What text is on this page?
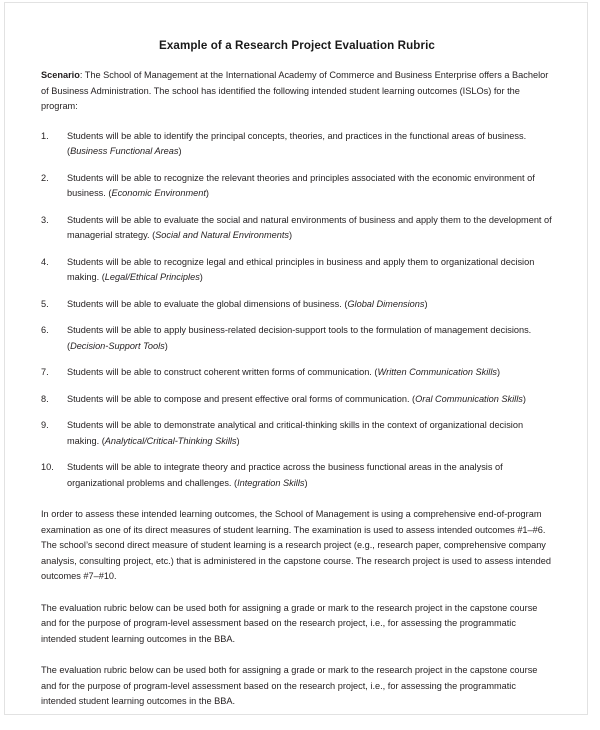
Example of a Research Project Evaluation Rubric

Scenario: The School of Management at the International Academy of Commerce and Business Enterprise offers a Bachelor of Business Administration. The school has identified the following intended student learning outcomes (ISLOs) for the program:

1.	Students will be able to identify the principal concepts, theories, and practices in the functional areas of business. (Business Functional Areas)
2.	Students will be able to recognize the relevant theories and principles associated with the economic environment of business. (Economic Environment)
3.	Students will be able to evaluate the social and natural environments of business and apply them to the development of managerial strategy. (Social and Natural Environments)
4.	Students will be able to recognize legal and ethical principles in business and apply them to organizational decision making. (Legal/Ethical Principles)
5.	Students will be able to evaluate the global dimensions of business. (Global Dimensions)
6.	Students will be able to apply business-related decision-support tools to the formulation of management decisions. (Decision-Support Tools)
7.	Students will be able to construct coherent written forms of communication. (Written Communication Skills)
8.	Students will be able to compose and present effective oral forms of communication. (Oral Communication Skills)
9.	Students will be able to demonstrate analytical and critical-thinking skills in the context of organizational decision making. (Analytical/Critical-Thinking Skills)
10.	Students will be able to integrate theory and practice across the business functional areas in the analysis of organizational problems and challenges. (Integration Skills)

In order to assess these intended learning outcomes, the School of Management is using a comprehensive end-of-program examination as one of its direct measures of student learning. The examination is used to assess intended outcomes #1–#6. The school’s second direct measure of student learning is a research project (e.g., research paper, comprehensive company analysis, consulting project, etc.) that is administered in the capstone course. The research project is used to assess intended outcomes #7–#10.

The evaluation rubric below can be used both for assigning a grade or mark to the research project in the capstone course and for the purpose of program-level assessment based on the research project, i.e., for assessing the programmatic intended student learning outcomes in the BBA.

The evaluation rubric below can be used both for assigning a grade or mark to the research project in the capstone course and for the purpose of program-level assessment based on the research project, i.e., for assessing the programmatic intended student learning outcomes in the BBA.
